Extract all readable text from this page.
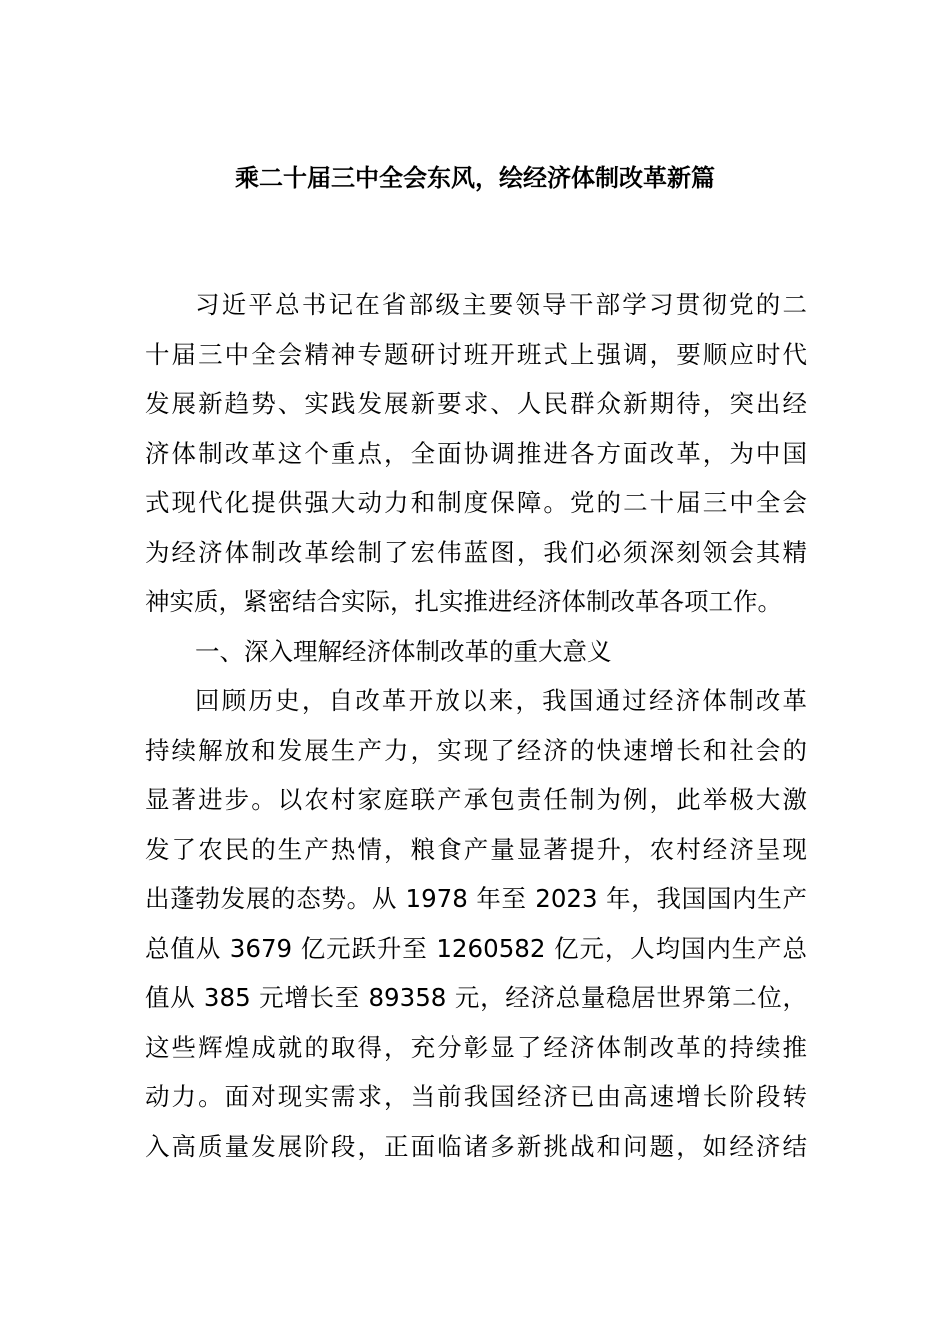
乘二十届三中全会东风，绘经济体制改革新篇
习近平总书记在省部级主要领导干部学习贯彻党的二
十届三中全会精神专题研讨班开班式上强调，要顺应时代
发展新趋势、实践发展新要求、人民群众新期待，突出经
济体制改革这个重点，全面协调推进各方面改革，为中国
式现代化提供强大动力和制度保障。党的二十届三中全会
为经济体制改革绘制了宏伟蓝图，我们必须深刻领会其精
神实质，紧密结合实际，扎实推进经济体制改革各项工作。
一、深入理解经济体制改革的重大意义
回顾历史，自改革开放以来，我国通过经济体制改革
持续解放和发展生产力，实现了经济的快速增长和社会的
显著进步。以农村家庭联产承包责任制为例，此举极大激
发了农民的生产热情，粮食产量显著提升，农村经济呈现
出蓬勃发展的态势。从 1978 年至 2023 年，我国国内生产
总值从 3679 亿元跃升至 1260582 亿元，人均国内生产总
值从 385 元增长至 89358 元，经济总量稳居世界第二位，
这些辉煌成就的取得，充分彰显了经济体制改革的持续推
动力。面对现实需求，当前我国经济已由高速增长阶段转
入高质量发展阶段，正面临诸多新挑战和问题，如经济结
